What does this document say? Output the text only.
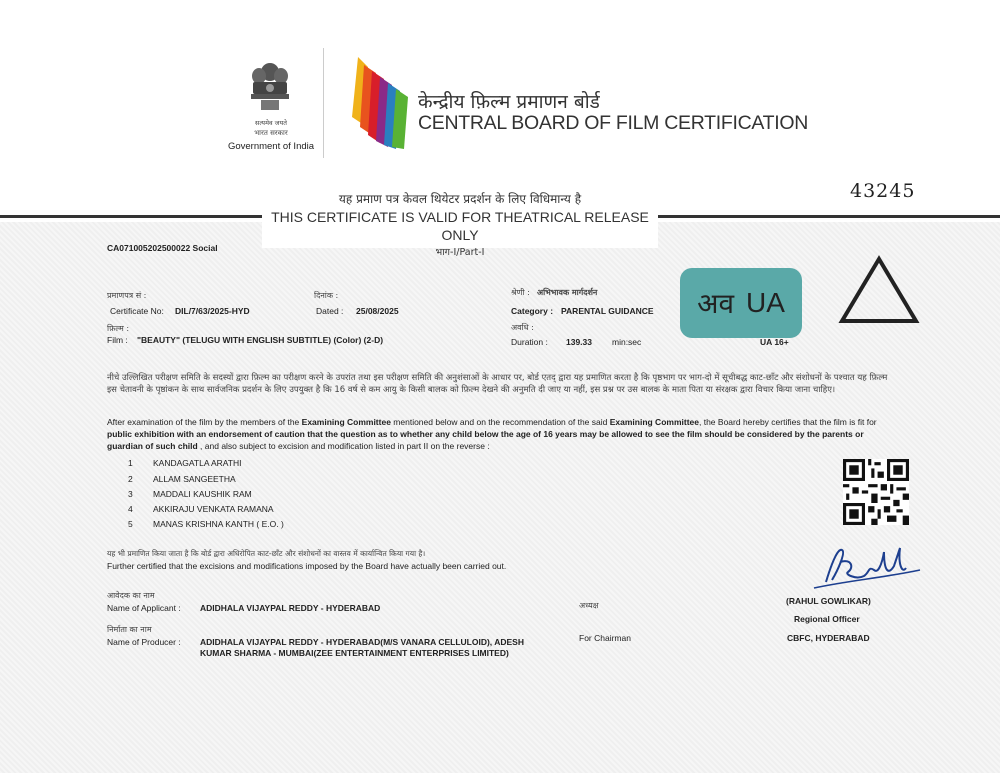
सत्यमेव जयते
भारत सरकार
Government of India
केन्द्रीय फ़िल्म प्रमाणन बोर्ड
CENTRAL BOARD OF FILM CERTIFICATION
यह प्रमाण पत्र केवल थियेटर प्रदर्शन के लिए विधिमान्य है
THIS CERTIFICATE IS VALID FOR THEATRICAL RELEASE ONLY
भाग-I/Part-I
43245
CA071005202500022 Social
प्रमाणपत्र सं :
Certificate No: DIL/7/63/2025-HYD
दिनांक :
Dated : 25/08/2025
श्रेणी : अभिभावक मार्गदर्शन
Category : PARENTAL GUIDANCE अव UA
फ़िल्म :
Film : "BEAUTY" (TELUGU WITH ENGLISH SUBTITLE) (Color) (2-D)
अवधि :
Duration : 139.33 min:sec	UA 16+
नीचे उल्लिखित परीक्षण समिति के सदस्यों द्वारा फ़िल्म का परीक्षण करने के उपरांत तथा इस परीक्षण समिति की अनुशंसाओं के आधार पर, बोर्ड एतद् द्वारा यह प्रमाणित करता है कि पृष्ठभाग पर भाग-दो में सूचीबद्ध काट-छाँट और संशोधनों के पश्चात यह फ़िल्म इस चेतावनी के पृष्ठांकन के साथ सार्वजनिक प्रदर्शन के लिए उपयुक्त है कि 16 वर्ष से कम आयु के किसी बालक को फ़िल्म देखने की अनुमति दी जाए या नहीं, इस प्रश्न पर उस बालक के माता पिता या संरक्षक द्वारा विचार किया जाना चाहिए।
After examination of the film by the members of the Examining Committee mentioned below and on the recommendation of the said Examining Committee, the Board hereby certifies that the film is fit for public exhibition with an endorsement of caution that the question as to whether any child below the age of 16 years may be allowed to see the film should be considered by the parents or guardian of such child , and also subject to excision and modification listed in part II on the reverse :
1 KANDAGATLA ARATHI
2 ALLAM SANGEETHA
3 MADDALI KAUSHIK RAM
4 AKKIRAJU VENKATA RAMANA
5 MANAS KRISHNA KANTH ( E.O. )
यह भी प्रमाणित किया जाता है कि बोर्ड द्वारा अधिरोपित काट-छाँट और संशोधनों का वास्तव में कार्यान्वित किया गया है।
Further certified that the excisions and modifications imposed by the Board have actually been carried out.
आवेदक का नाम
Name of Applicant : ADIDHALA VIJAYPAL REDDY - HYDERABAD
निर्माता का नाम
Name of Producer : ADIDHALA VIJAYPAL REDDY - HYDERABAD(M/S VANARA CELLULOID), ADESH
KUMAR SHARMA - MUMBAI(ZEE ENTERTAINMENT ENTERPRISES LIMITED)
अध्यक्ष
For Chairman
(RAHUL GOWLIKAR)
Regional Officer
CBFC, HYDERABAD
